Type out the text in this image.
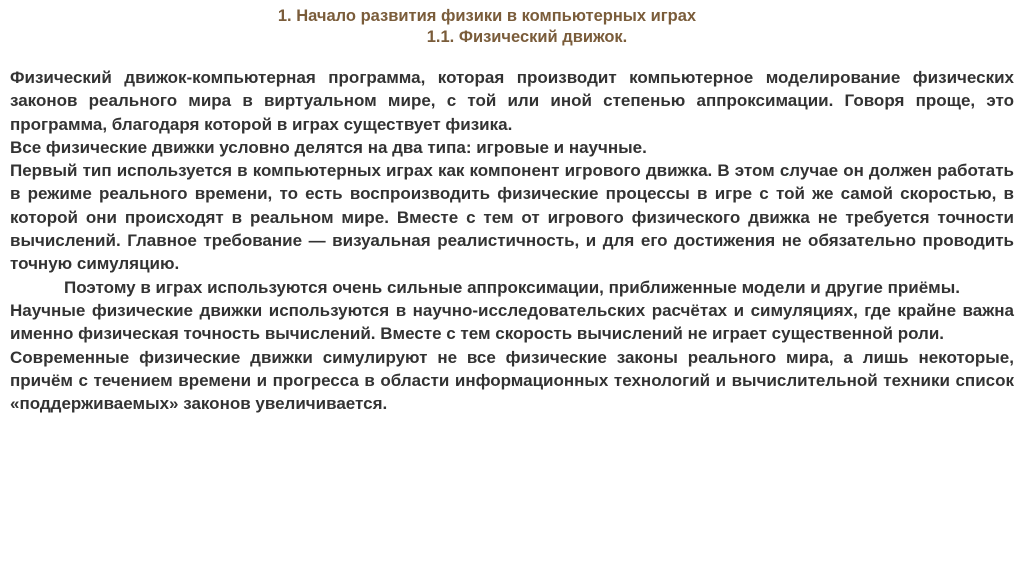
1. Начало развития физики в компьютерных играх
1.1. Физический движок.

Физический движок-компьютерная программа, которая производит компьютерное моделирование физических законов реального мира в виртуальном мире, с той или иной степенью аппроксимации. Говоря проще, это программа, благодаря которой в играх существует физика.

Все физические движки условно делятся на два типа: игровые и научные.

Первый тип используется в компьютерных играх как компонент игрового движка. В этом случае он должен работать в режиме реального времени, то есть воспроизводить физические процессы в игре с той же самой скоростью, в которой они происходят в реальном мире. Вместе с тем от игрового физического движка не требуется точности вычислений. Главное требование — визуальная реалистичность, и для его достижения не обязательно проводить точную симуляцию.

Поэтому в играх используются очень сильные аппроксимации, приближенные модели и другие приёмы.

Научные физические движки используются в научно-исследовательских расчётах и симуляциях, где крайне важна именно физическая точность вычислений. Вместе с тем скорость вычислений не играет существенной роли.

Современные физические движки симулируют не все физические законы реального мира, а лишь некоторые, причём с течением времени и прогресса в области информационных технологий и вычислительной техники список «поддерживаемых» законов увеличивается.
